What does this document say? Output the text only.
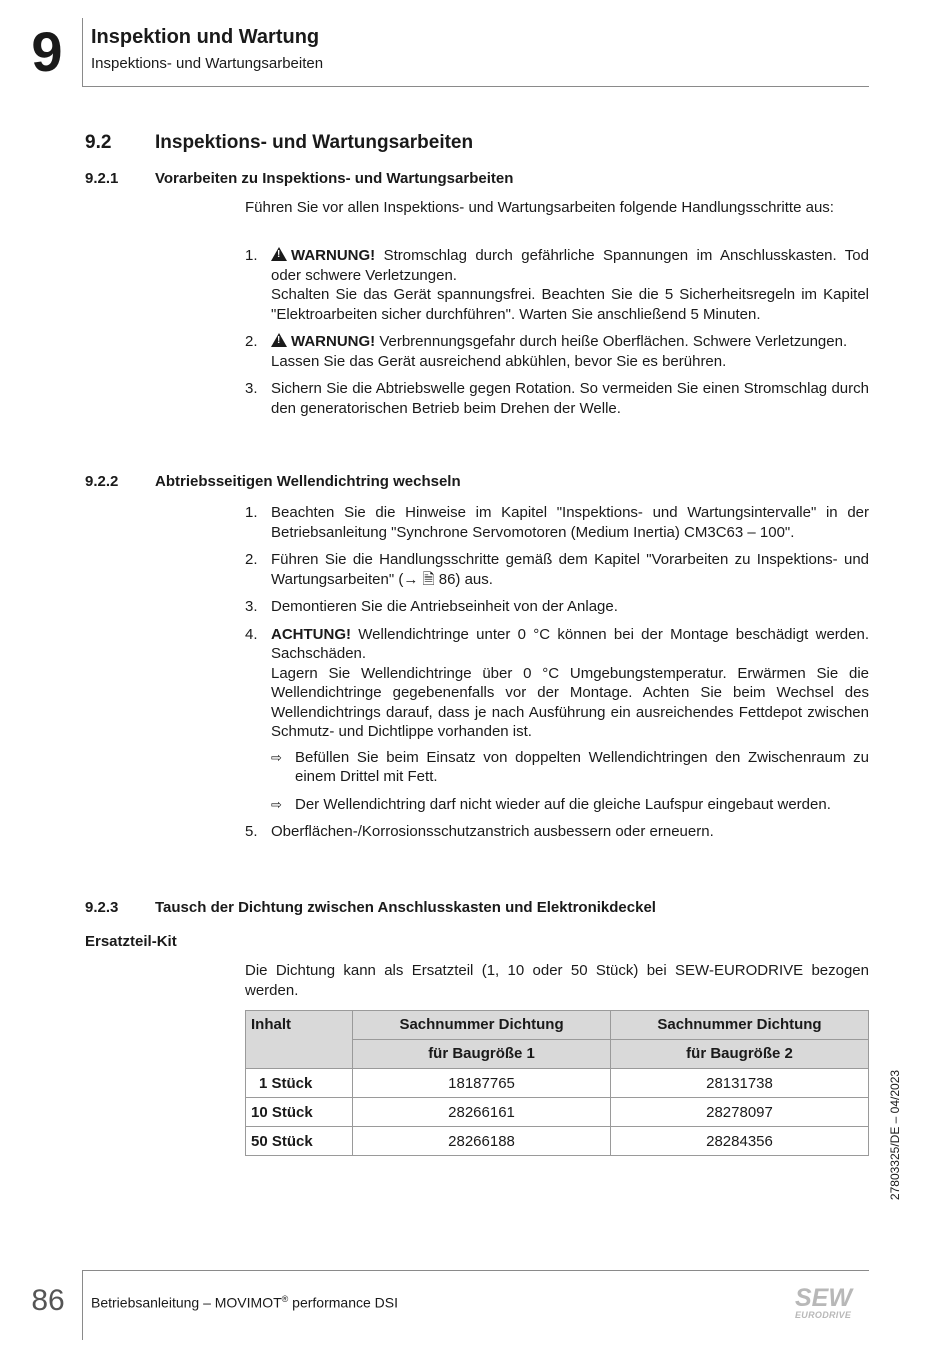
9	Inspektion und Wartung
Inspektions- und Wartungsarbeiten
9.2 Inspektions- und Wartungsarbeiten
9.2.1 Vorarbeiten zu Inspektions- und Wartungsarbeiten
Führen Sie vor allen Inspektions- und Wartungsarbeiten folgende Handlungsschritte aus:
1. ! WARNUNG! Stromschlag durch gefährliche Spannungen im Anschlusskasten. Tod oder schwere Verletzungen.
Schalten Sie das Gerät spannungsfrei. Beachten Sie die 5 Sicherheitsregeln im Kapitel "Elektroarbeiten sicher durchführen". Warten Sie anschließend 5 Minuten.
2. ! WARNUNG! Verbrennungsgefahr durch heiße Oberflächen. Schwere Verletzungen.
Lassen Sie das Gerät ausreichend abkühlen, bevor Sie es berühren.
3. Sichern Sie die Abtriebswelle gegen Rotation. So vermeiden Sie einen Stromschlag durch den generatorischen Betrieb beim Drehen der Welle.
9.2.2 Abtriebsseitigen Wellendichtring wechseln
1. Beachten Sie die Hinweise im Kapitel "Inspektions- und Wartungsintervalle" in der Betriebsanleitung "Synchrone Servomotoren (Medium Inertia) CM3C63 – 100".
2. Führen Sie die Handlungsschritte gemäß dem Kapitel "Vorarbeiten zu Inspektions- und Wartungsarbeiten" (→ 🗎 86) aus.
3. Demontieren Sie die Antriebseinheit von der Anlage.
4. ACHTUNG! Wellendichtringe unter 0 °C können bei der Montage beschädigt werden. Sachschäden.
Lagern Sie Wellendichtringe über 0 °C Umgebungstemperatur. Erwärmen Sie die Wellendichtringe gegebenenfalls vor der Montage. Achten Sie beim Wechsel des Wellendichtrings darauf, dass je nach Ausführung ein ausreichendes Fettdepot zwischen Schmutz- und Dichtlippe vorhanden ist.
⇨ Befüllen Sie beim Einsatz von doppelten Wellendichtringen den Zwischenraum zu einem Drittel mit Fett.
⇨ Der Wellendichtring darf nicht wieder auf die gleiche Laufspur eingebaut werden.
5. Oberflächen-/Korrosionsschutzanstrich ausbessern oder erneuern.
9.2.3 Tausch der Dichtung zwischen Anschlusskasten und Elektronikdeckel
Ersatzteil-Kit
Die Dichtung kann als Ersatzteil (1, 10 oder 50 Stück) bei SEW-EURODRIVE bezogen werden.
Inhalt	Sachnummer Dichtung	Sachnummer Dichtung
	für Baugröße 1	für Baugröße 2
1 Stück	18187765	28131738
10 Stück	28266161	28278097
50 Stück	28266188	28284356	27803325/DE – 04/2023
86	Betriebsanleitung – MOVIMOT® performance DSI	SEW
EURODRIVE
